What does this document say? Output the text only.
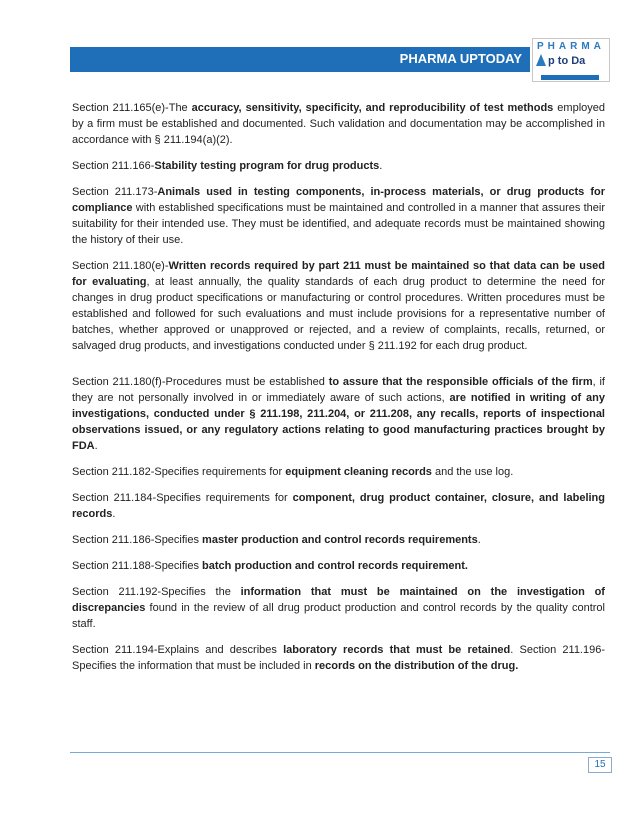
PHARMA UPTODAY
PHARMA
p to Da

Section 211.165(e)-The accuracy, sensitivity, specificity, and reproducibility of test methods employed by a firm must be established and documented. Such validation and documentation may be accomplished in accordance with § 211.194(a)(2).

Section 211.166-Stability testing program for drug products.

Section 211.173-Animals used in testing components, in-process materials, or drug products for compliance with established specifications must be maintained and controlled in a manner that assures their suitability for their intended use. They must be identified, and adequate records must be maintained showing the history of their use.

Section 211.180(e)-Written records required by part 211 must be maintained so that data can be used for evaluating, at least annually, the quality standards of each drug product to determine the need for changes in drug product specifications or manufacturing or control procedures. Written procedures must be established and followed for such evaluations and must include provisions for a representative number of batches, whether approved or unapproved or rejected, and a review of complaints, recalls, returned, or salvaged drug products, and investigations conducted under § 211.192 for each drug product.

Section 211.180(f)-Procedures must be established to assure that the responsible officials of the firm, if they are not personally involved in or immediately aware of such actions, are notified in writing of any investigations, conducted under § 211.198, 211.204, or 211.208, any recalls, reports of inspectional observations issued, or any regulatory actions relating to good manufacturing practices brought by FDA.

Section 211.182-Specifies requirements for equipment cleaning records and the use log.

Section 211.184-Specifies requirements for component, drug product container, closure, and labeling records.

Section 211.186-Specifies master production and control records requirements.

Section 211.188-Specifies batch production and control records requirement.

Section 211.192-Specifies the information that must be maintained on the investigation of discrepancies found in the review of all drug product production and control records by the quality control staff.

Section 211.194-Explains and describes laboratory records that must be retained. Section 211.196-Specifies the information that must be included in records on the distribution of the drug.

15
